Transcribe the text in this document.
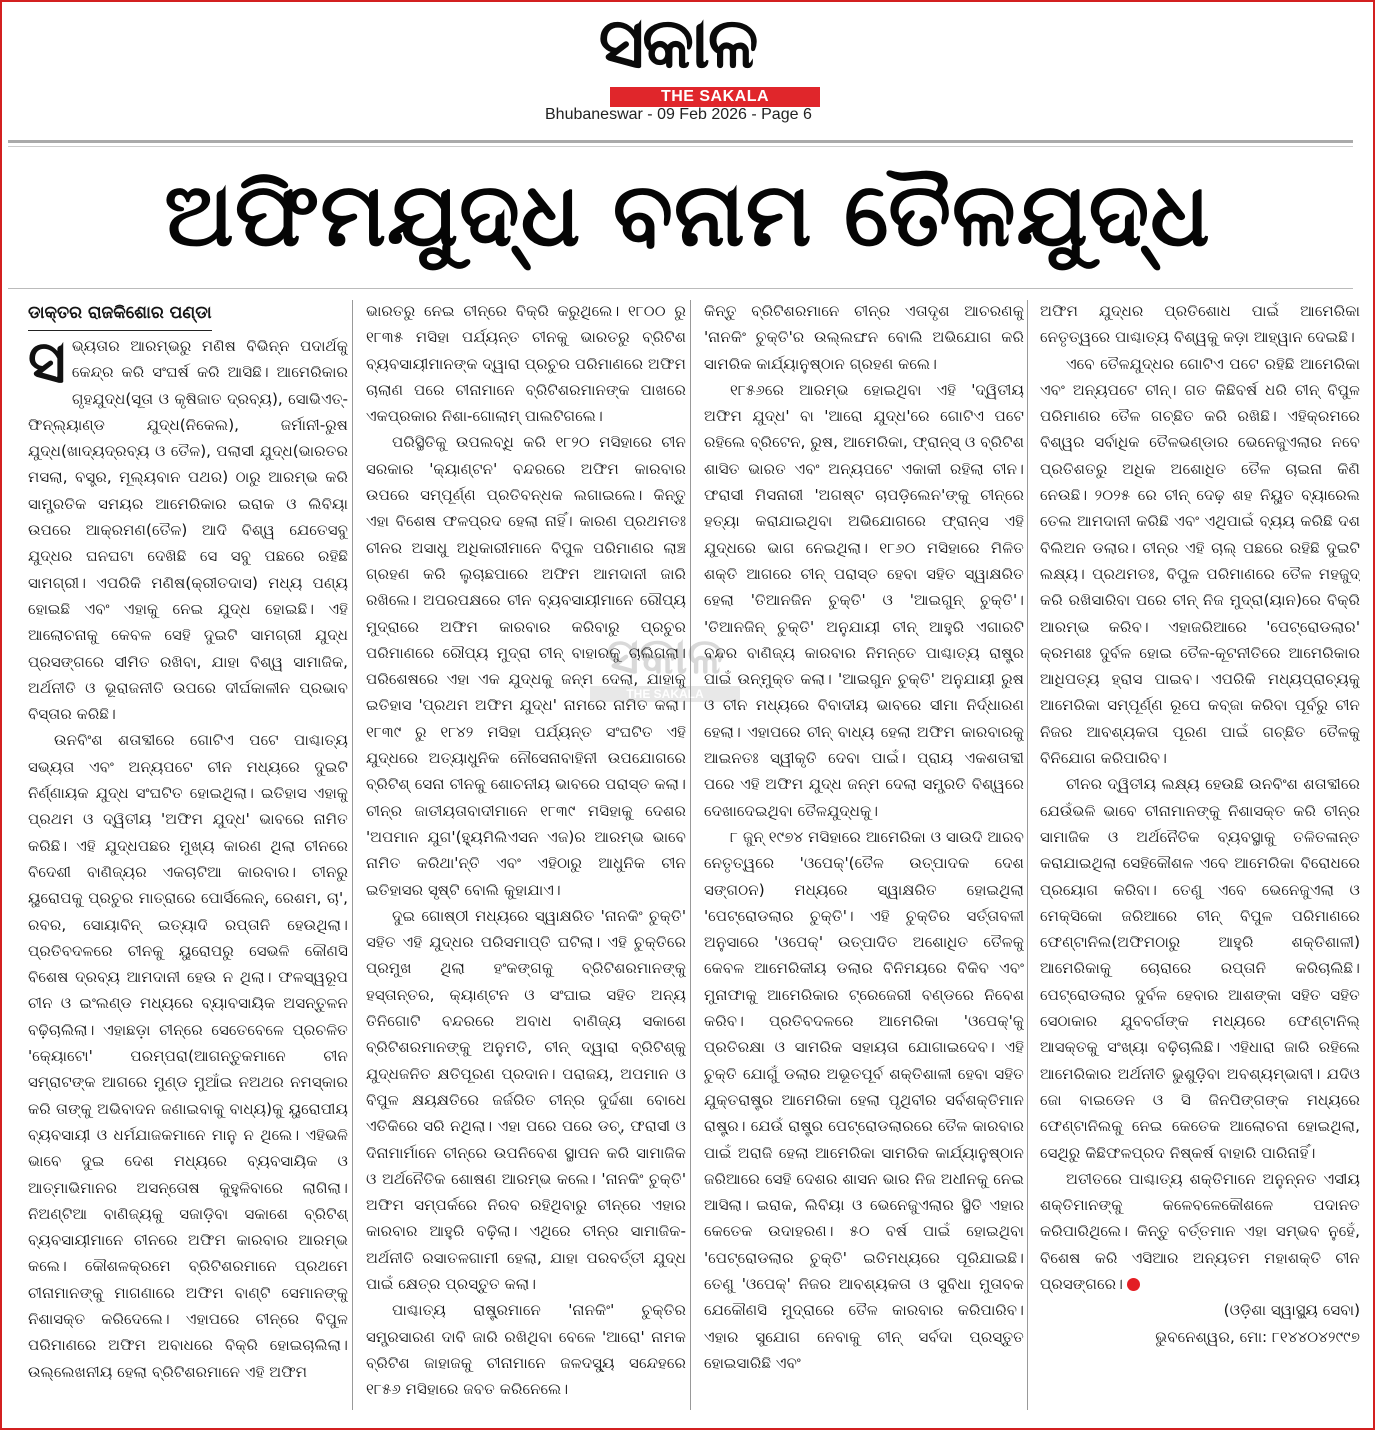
ସକାଳ
THE SAKALA
Bhubaneswar - 09 Feb 2026 - Page 6
ଅଫିମଯୁଦ୍ଧ ବନାମ ତୈଳଯୁଦ୍ଧ
ଡାକ୍ତର ରାଜକିଶୋର ପଣ୍ଡା

ସଭ୍ୟତାର ଆରମ୍ଭରୁ ମଣିଷ ବିଭିନ୍ନ ପଦାର୍ଥକୁ କେନ୍ଦ୍ର କରି ସଂଘର୍ଷ କରି ଆସିଛି। ଆମେରିକାର ଗୃହଯୁଦ୍ଧ(ସୂତା ଓ କୃଷିଜାତ ଦ୍ରବ୍ୟ), ସୋଭିଏତ୍-ଫିନ୍‌ଲ୍ୟାଣ୍ଡ ଯୁଦ୍ଧ(ନିକେଲ), ଜର୍ମାନୀ-ରୁଷ ଯୁଦ୍ଧ(ଖାଦ୍ୟଦ୍ରବ୍ୟ ଓ ତୈଳ), ପଲାସୀ ଯୁଦ୍ଧ(ଭାରତର ମସଲା, ବସ୍ତ୍ର, ମୂଲ୍ୟବାନ ପଥର) ଠାରୁ ଆରମ୍ଭ କରି ସାମ୍ପ୍ରତିକ ସମୟର ଆମେରିକାର ଇରାକ ଓ ଲିବିୟା ଉପରେ ଆକ୍ରମଣ(ତୈଳ) ଆଦି ବିଶ୍ୱ ଯେତେସବୁ ଯୁଦ୍ଧର ଘନଘଟା ଦେଖିଛି ସେ ସବୁ ପଛରେ ରହିଛି ସାମଗ୍ରୀ। ଏପରିକି ମଣିଷ(କ୍ରୀତଦାସ) ମଧ୍ୟ ପଣ୍ୟ ହୋଇଛି ଏବଂ ଏହାକୁ ନେଇ ଯୁଦ୍ଧ ହୋଇଛି। ଏହି ଆଲୋଚନାକୁ କେବଳ ସେହି ଦୁଇଟି ସାମଗ୍ରୀ ଯୁଦ୍ଧ ପ୍ରସଙ୍ଗରେ ସୀମିତ ରଖିବା, ଯାହା ବିଶ୍ୱ ସାମାଜିକ, ଅର୍ଥନୀତି ଓ ଭୂରାଜନୀତି ଉପରେ ଦୀର୍ଘକାଳୀନ ପ୍ରଭାବ ବିସ୍ତାର କରିଛି।

ଉନବିଂଶ ଶତାବ୍ଦୀରେ ଗୋଟିଏ ପଟେ ପାଶ୍ଚାତ୍ୟ ସଭ୍ୟତା ଏବଂ ଅନ୍ୟପଟେ ଚୀନ ମଧ୍ୟରେ ଦୁଇଟି ନିର୍ଣ୍ଣାୟକ ଯୁଦ୍ଧ ସଂଘଟିତ ହୋଇଥିଲା। ଇତିହାସ ଏହାକୁ ପ୍ରଥମ ଓ ଦ୍ୱିତୀୟ 'ଅଫିମ ଯୁଦ୍ଧ' ଭାବରେ ନାମିତ କରିଛି। ଏହି ଯୁଦ୍ଧପଛର ମୁଖ୍ୟ କାରଣ ଥିଲା ଚୀନରେ ବିଦେଶୀ ବାଣିଜ୍ୟର ଏକଚାଟିଆ କାରବାର। ଚୀନରୁ ୟୁରୋପକୁ ପ୍ରଚୁର ମାତ୍ରାରେ ପୋର୍ସିଲେନ୍, ରେଶମ, ଚା', ରବର, ସୋୟାବିନ୍ ଇତ୍ୟାଦି ରପ୍ତାନି ହେଉଥିଲା। ପ୍ରତିବଦଳରେ ଚୀନକୁ ୟୁରୋପରୁ ସେଭଳି କୌଣସି ବିଶେଷ ଦ୍ରବ୍ୟ ଆମଦାନୀ ହେଉ ନ ଥିଲା। ଫଳସ୍ୱରୂପ ଚୀନ ଓ ଇଂଲଣ୍ଡ ମଧ୍ୟରେ ବ୍ୟାବସାୟିକ ଅସନ୍ତୁଳନ ବଢ଼ିଚାଲିଲା। ଏହାଛଡ଼ା ଚୀନ୍‌ରେ ସେତେବେଳେ ପ୍ରଚଳିତ 'କ୍ୟୋଟୋ' ପରମ୍ପରା(ଆଗନ୍ତୁକମାନେ ଚୀନ ସମ୍ରାଟଙ୍କ ଆଗରେ ମୁଣ୍ଡ ମୁଆଁଇ ନଅଥର ନମସ୍କାର କରି ତାଙ୍କୁ ଅଭିବାଦନ ଜଣାଇବାକୁ ବାଧ୍ୟ)କୁ ୟୁରୋପୀୟ ବ୍ୟବସାୟୀ ଓ ଧର୍ମଯାଜକମାନେ ମାନୁ ନ ଥିଲେ। ଏହିଭଳି ଭାବେ ଦୁଇ ଦେଶ ମଧ୍ୟରେ ବ୍ୟବସାୟିକ ଓ ଆତ୍ମାଭିମାନର ଅସନ୍ତୋଷ କୁହୁଳିବାରେ ଲାଗିଲା। ନିଅଣ୍ଟିଆ ବାଣିଜ୍ୟକୁ ସଜାଡ଼ିବା ସକାଶେ ବ୍ରିଟିଶ୍ ବ୍ୟବସାୟୀମାନେ ଚୀନରେ ଅଫିମ କାରବାର ଆରମ୍ଭ କଲେ। କୌଶଳକ୍ରମେ ବ୍ରିଟିଶରମାନେ ପ୍ରଥମେ ଚୀନାମାନଙ୍କୁ ମାଗଣାରେ ଅଫିମ ବାଣ୍ଟି ସେମାନଙ୍କୁ ନିଶାସକ୍ତ କରିଦେଲେ। ଏହାପରେ ଚୀନ୍‌ରେ ବିପୁଳ ପରିମାଣରେ ଅଫିମ ଅବାଧରେ ବିକ୍ରି ହୋଇଚାଲିଲା। ଉଲ୍ଲେଖନୀୟ ହେଲା ବ୍ରିଟିଶରମାନେ ଏହି ଅଫିମ

ଭାରତରୁ ନେଇ ଚୀନ୍‌ରେ ବିକ୍ରି କରୁଥିଲେ। ୧୮୦୦ ରୁ ୧୮୩୫ ମସିହା ପର୍ଯ୍ୟନ୍ତ ଚୀନକୁ ଭାରତରୁ ବ୍ରିଟିଶ ବ୍ୟବସାୟୀମାନଙ୍କ ଦ୍ୱାରା ପ୍ରଚୁର ପରିମାଣରେ ଅଫିମ ଚାଲାଣ ପରେ ଚୀନାମାନେ ବ୍ରିଟିଶରମାନଙ୍କ ପାଖରେ ଏକପ୍ରକାର ନିଶା-ଗୋଲାମ୍ ପାଲଟିଗଲେ।

ପରିସ୍ଥିତିକୁ ଉପଲବ୍ଧି କରି ୧୮୨୦ ମସିହାରେ ଚୀନ ସରକାର 'କ୍ୟାଣ୍ଟନ' ବନ୍ଦରରେ ଅଫିମ କାରବାର ଉପରେ ସମ୍ପୂର୍ଣ୍ଣ ପ୍ରତିବନ୍ଧକ ଲଗାଇଲେ। କିନ୍ତୁ ଏହା ବିଶେଷ ଫଳପ୍ରଦ ହେଲା ନାହିଁ। କାରଣ ପ୍ରଥମତଃ ଚୀନର ଅସାଧୁ ଅଧିକାରୀମାନେ ବିପୁଳ ପରିମାଣର ଲାଞ୍ଚ ଗ୍ରହଣ କରି ଲୁଚାଛପାରେ ଅଫିମ ଆମଦାନୀ ଜାରି ରଖିଲେ। ଅପରପକ୍ଷରେ ଚୀନ ବ୍ୟବସାୟୀମାନେ ରୌପ୍ୟ ମୁଦ୍ରାରେ ଅଫିମ କାରବାର କରିବାରୁ ପ୍ରଚୁର ପରିମାଣରେ ରୌପ୍ୟ ମୁଦ୍ରା ଚୀନ୍ ବାହାରକୁ ଚାଲିଗଲା। ପରିଶେଷରେ ଏହା ଏକ ଯୁଦ୍ଧକୁ ଜନ୍ମ ଦେଲା, ଯାହାକୁ ଇତିହାସ 'ପ୍ରଥମ ଅଫିମ ଯୁଦ୍ଧ' ନାମରେ ନାମିତ କଲା। ୧୮୩୯ ରୁ ୧୮୪୨ ମସିହା ପର୍ଯ୍ୟନ୍ତ ସଂଘଟିତ ଏହି ଯୁଦ୍ଧରେ ଅତ୍ୟାଧୁନିକ ନୌସେନାବାହିନୀ ଉପଯୋଗରେ ବ୍ରିଟିଶ୍ ସେନା ଚୀନକୁ ଶୋଚନୀୟ ଭାବରେ ପରାସ୍ତ କଲା। ଚୀନ୍‌ର ଜାତୀୟତାବାଦୀମାନେ ୧୮୩୯ ମସିହାକୁ ଦେଶର 'ଅପମାନ ଯୁଗ'(ହ୍ୟୁମିଲିଏସନ ଏଜ)ର ଆରମ୍ଭ ଭାବେ ନାମିତ କରିଥା'ନ୍ତି ଏବଂ ଏହିଠାରୁ ଆଧୁନିକ ଚୀନ ଇତିହାସର ସୃଷ୍ଟି ବୋଲି କୁହାଯାଏ।

ଦୁଇ ଗୋଷ୍ଠୀ ମଧ୍ୟରେ ସ୍ୱାକ୍ଷରିତ 'ନାନକିଂ ଚୁକ୍ତି' ସହିତ ଏହି ଯୁଦ୍ଧର ପରିସମାପ୍ତି ଘଟିଲା। ଏହି ଚୁକ୍ତିରେ ପ୍ରମୁଖ ଥିଲା ହଂକଙ୍ଗକୁ ବ୍ରିଟିଶରମାନଙ୍କୁ ହସ୍ତାନ୍ତର, କ୍ୟାଣ୍ଟନ ଓ ସଂଘାଇ ସହିତ ଅନ୍ୟ ତିନିଗୋଟି ବନ୍ଦରରେ ଅବାଧ ବାଣିଜ୍ୟ ସକାଶେ ବ୍ରିଟିଶରମାନଙ୍କୁ ଅନୁମତି, ଚୀନ୍ ଦ୍ୱାରା ବ୍ରିଟିଶ୍‌କୁ ଯୁଦ୍ଧଜନିତ କ୍ଷତିପୂରଣ ପ୍ରଦାନ। ପରାଜୟ, ଅପମାନ ଓ ବିପୁଳ କ୍ଷୟକ୍ଷତିରେ ଜର୍ଜରିତ ଚୀନ୍‌ର ଦୁର୍ଦ୍ଦଶା ବୋଧେ ଏତିକିରେ ସରି ନଥିଲା। ଏହା ପରେ ପରେ ଡଚ୍, ଫରାସୀ ଓ ଦିନାମାର୍ମାନେ ଚୀନ୍‌ରେ ଉପନିବେଶ ସ୍ଥାପନ କରି ସାମାଜିକ ଓ ଅର୍ଥନୈତିକ ଶୋଷଣ ଆରମ୍ଭ କଲେ। 'ନାନକିଂ ଚୁକ୍ତି' ଅଫିମ ସମ୍ପର୍କରେ ନିରବ ରହିଥିବାରୁ ଚୀନ୍‌ରେ ଏହାର କାରବାର ଆହୁରି ବଢ଼ିଲା। ଏଥିରେ ଚୀନ୍‌ର ସାମାଜିକ-ଅର୍ଥନୀତି ରସାତଳଗାମୀ ହେଲା, ଯାହା ପରବର୍ତ୍ତୀ ଯୁଦ୍ଧ ପାଇଁ କ୍ଷେତ୍ର ପ୍ରସ୍ତୁତ କଲା।

ପାଶ୍ଚାତ୍ୟ ରାଷ୍ଟ୍ରମାନେ 'ନାନକିଂ' ଚୁକ୍ତିର ସମ୍ପ୍ରସାରଣ ଦାବି ଜାରି ରଖିଥିବା ବେଳେ 'ଆରୋ' ନାମକ ବ୍ରିଟିଶ ଜାହାଜକୁ ଚୀନାମାନେ ଜଳଦସ୍ୟୁ ସନ୍ଦେହରେ ୧୮୫୬ ମସିହାରେ ଜବତ କରିନେଲେ।

ସକାଳ
THE SAKALA

କିନ୍ତୁ ବ୍ରିଟିଶରମାନେ ଚୀନ୍‌ର ଏତାଦୃଶ ଆଚରଣକୁ 'ନାନକିଂ ଚୁକ୍ତି'ର ଉଲ୍ଲଙ୍ଘନ ବୋଲି ଅଭିଯୋଗ କରି ସାମରିକ କାର୍ଯ୍ୟାନୁଷ୍ଠାନ ଗ୍ରହଣ କଲେ।

୧୮୫୬ରେ ଆରମ୍ଭ ହୋଇଥିବା ଏହି 'ଦ୍ୱିତୀୟ ଅଫିମ ଯୁଦ୍ଧ' ବା 'ଆରୋ ଯୁଦ୍ଧ'ରେ ଗୋଟିଏ ପଟେ ରହିଲେ ବ୍ରିଟେନ, ରୁଷ, ଆମେରିକା, ଫ୍ରାନ୍ସ୍ ଓ ବ୍ରିଟିଶ ଶାସିତ ଭାରତ ଏବଂ ଅନ୍ୟପଟେ ଏକାକୀ ରହିଲା ଚୀନ। ଫରାସୀ ମିସନାରୀ 'ଅଗଷ୍ଟ ଚାପଡ଼ିଲେନ'ଙ୍କୁ ଚୀନ୍‌ରେ ହତ୍ୟା କରାଯାଇଥିବା ଅଭିଯୋଗରେ ଫ୍ରାନ୍ସ ଏହି ଯୁଦ୍ଧରେ ଭାଗ ନେଇଥିଲା। ୧୮୬୦ ମସିହାରେ ମିଳିତ ଶକ୍ତି ଆଗରେ ଚୀନ୍ ପରାସ୍ତ ହେବା ସହିତ ସ୍ୱାକ୍ଷରିତ ହେଲା 'ତିଆନଜିନ ଚୁକ୍ତି' ଓ 'ଆଇଗୁନ୍ ଚୁକ୍ତି'। 'ତିଆନଜିନ୍ ଚୁକ୍ତି' ଅନୁଯାୟୀ ଚୀନ୍ ଆହୁରି ଏଗାରଟି ବନ୍ଦର ବାଣିଜ୍ୟ କାରବାର ନିମନ୍ତେ ପାଶ୍ଚାତ୍ୟ ରାଷ୍ଟ୍ର ପାଇଁ ଉନ୍ମୁକ୍ତ କଲା। 'ଆଇଗୁନ ଚୁକ୍ତି' ଅନୁଯାୟୀ ରୁଷ ଓ ଚୀନ ମଧ୍ୟରେ ବିବାଦୀୟ ଭାବରେ ସୀମା ନିର୍ଦ୍ଧାରଣ ହେଲା। ଏହାପରେ ଚୀନ୍ ବାଧ୍ୟ ହେଲା ଅଫିମ କାରବାରକୁ ଆଇନତଃ ସ୍ୱୀକୃତି ଦେବା ପାଇଁ। ପ୍ରାୟ ଏକଶତାବ୍ଦୀ ପରେ ଏହି ଅଫିମ ଯୁଦ୍ଧ ଜନ୍ମ ଦେଲା ସମ୍ପ୍ରତି ବିଶ୍ୱରେ ଦେଖାଦେଇଥିବା ତୈଳଯୁଦ୍ଧକୁ।

୮ ଜୁନ୍ ୧୯୭୪ ମସିହାରେ ଆମେରିକା ଓ ସାଉଦି ଆରବ ନେତୃତ୍ୱରେ 'ଓପେକ୍'(ତୈଳ ଉତ୍ପାଦକ ଦେଶ ସଙ୍ଗଠନ) ମଧ୍ୟରେ ସ୍ୱାକ୍ଷରିତ ହୋଇଥିଲା 'ପେଟ୍ରୋଡଲାର ଚୁକ୍ତି'। ଏହି ଚୁକ୍ତିର ସର୍ତ୍ତାବଳୀ ଅନୁସାରେ 'ଓପେକ୍' ଉତ୍ପାଦିତ ଅଶୋଧିତ ତୈଳକୁ କେବଳ ଆମେରିକୀୟ ଡଲାର ବିନିମୟରେ ବିକିବ ଏବଂ ମୁନାଫାକୁ ଆମେରିକାର ଟ୍ରେଜେରୀ ବଣ୍ଡରେ ନିବେଶ କରିବ। ପ୍ରତିବଦଳରେ ଆମେରିକା 'ଓପେକ୍'କୁ ପ୍ରତିରକ୍ଷା ଓ ସାମରିକ ସହାୟତା ଯୋଗାଇଦେବ। ଏହି ଚୁକ୍ତି ଯୋଗୁଁ ଡଲାର ଅଭୂତପୂର୍ବ ଶକ୍ତିଶାଳୀ ହେବା ସହିତ ଯୁକ୍ତରାଷ୍ଟ୍ର ଆମେରିକା ହେଲା ପୃଥିବୀର ସର୍ବଶକ୍ତିମାନ ରାଷ୍ଟ୍ର। ଯେଉଁ ରାଷ୍ଟ୍ର ପେଟ୍ରୋଡଲାରରେ ତୈଳ କାରବାର ପାଇଁ ଅରାଜି ହେଲା ଆମେରିକା ସାମରିକ କାର୍ଯ୍ୟାନୁଷ୍ଠାନ ଜରିଆରେ ସେହି ଦେଶର ଶାସନ ଭାର ନିଜ ଅଧୀନକୁ ନେଇ ଆସିଲା। ଇରାକ, ଲିବିୟା ଓ ଭେନେଜୁଏଲାର ସ୍ଥିତି ଏହାର କେତେକ ଉଦାହରଣ। ୫୦ ବର୍ଷ ପାଇଁ ହୋଇଥିବା 'ପେଟ୍ରୋଡଲାର ଚୁକ୍ତି' ଇତିମଧ୍ୟରେ ପୂରିଯାଇଛି। ତେଣୁ 'ଓପେକ୍' ନିଜର ଆବଶ୍ୟକତା ଓ ସୁବିଧା ମୁତାବକ ଯେକୌଣସି ମୁଦ୍ରାରେ ତୈଳ କାରବାର କରିପାରିବ। ଏହାର ସୁଯୋଗ ନେବାକୁ ଚୀନ୍ ସର୍ବଦା ପ୍ରସ୍ତୁତ ହୋଇସାରିଛି ଏବଂ

ଅଫିମ ଯୁଦ୍ଧର ପ୍ରତିଶୋଧ ପାଇଁ ଆମେରିକା ନେତୃତ୍ୱରେ ପାଶ୍ଚାତ୍ୟ ବିଶ୍ୱକୁ କଡ଼ା ଆହ୍ୱାନ ଦେଇଛି।

ଏବେ ତୈଳଯୁଦ୍ଧର ଗୋଟିଏ ପଟେ ରହିଛି ଆମେରିକା ଏବଂ ଅନ୍ୟପଟେ ଚୀନ୍। ଗତ କିଛିବର୍ଷ ଧରି ଚୀନ୍ ବିପୁଳ ପରିମାଣର ତୈଳ ଗଚ୍ଛିତ କରି ରଖିଛି। ଏହିକ୍ରମରେ ବିଶ୍ୱର ସର୍ବାଧିକ ତୈଳଭଣ୍ଡାର ଭେନେଜୁଏଲାର ନବେ ପ୍ରତିଶତରୁ ଅଧିକ ଅଶୋଧିତ ତୈଳ ଚାଇନା କିଣି ନେଉଛି। ୨୦୨୫ ରେ ଚୀନ୍ ଦେଢ଼ ଶହ ନିୟୁତ ବ୍ୟାରେଲ ତେଲ ଆମଦାନୀ କରିଛି ଏବଂ ଏଥିପାଇଁ ବ୍ୟୟ କରିଛି ଦଶ ବିଲିଅନ ଡଲାର। ଚୀନ୍‌ର ଏହି ଚାଲ୍ ପଛରେ ରହିଛି ଦୁଇଟି ଲକ୍ଷ୍ୟ। ପ୍ରଥମତଃ, ବିପୁଳ ପରିମାଣରେ ତୈଳ ମହଜୁଦ୍ କରି ରଖିସାରିବା ପରେ ଚୀନ୍ ନିଜ ମୁଦ୍ରା(ୟାନ)ରେ ବିକ୍ରି ଆରମ୍ଭ କରିବ। ଏହାଜରିଆରେ 'ପେଟ୍ରୋଡଲାର' କ୍ରମଶଃ ଦୁର୍ବଳ ହୋଇ ତୈଳ-କୂଟନୀତିରେ ଆମେରିକାର ଆଧିପତ୍ୟ ହ୍ରାସ ପାଇବ। ଏପରିକି ମଧ୍ୟପ୍ରାଚ୍ୟକୁ ଆମେରିକା ସମ୍ପୂର୍ଣ୍ଣ ରୂପେ କବ୍‌ଜା କରିବା ପୂର୍ବରୁ ଚୀନ ନିଜର ଆବଶ୍ୟକତା ପୂରଣ ପାଇଁ ଗଚ୍ଛିତ ତୈଳକୁ ବିନିଯୋଗ କରିପାରିବ।

ଚୀନର ଦ୍ୱିତୀୟ ଲକ୍ଷ୍ୟ ହେଉଛି ଉନବିଂଶ ଶତାବ୍ଦୀରେ ଯେଉଁଭଳି ଭାବେ ଚୀନାମାନଙ୍କୁ ନିଶାସକ୍ତ କରି ଚୀନ୍‌ର ସାମାଜିକ ଓ ଅର୍ଥନୈତିକ ବ୍ୟବସ୍ଥାକୁ ତଳିତଳାନ୍ତ କରାଯାଇଥିଲା ସେହିକୌଶଳ ଏବେ ଆମେରିକା ବିରୋଧରେ ପ୍ରୟୋଗ କରିବା। ତେଣୁ ଏବେ ଭେନେଜୁଏଲା ଓ ମେକ୍ସିକୋ ଜରିଆରେ ଚୀନ୍ ବିପୁଳ ପରିମାଣରେ ଫେଣ୍ଟାନିଲ(ଅଫିମଠାରୁ ଆହୁରି ଶକ୍ତିଶାଳୀ) ଆମେରିକାକୁ ଚୋରାରେ ରପ୍ତାନି କରିଚାଲିଛି। ପେଟ୍ରୋଡଲାର ଦୁର୍ବଳ ହେବାର ଆଶଙ୍କା ସହିତ ସହିତ ସେଠାକାର ଯୁବବର୍ଗଙ୍କ ମଧ୍ୟରେ ଫେଣ୍ଟାନିଲ୍ ଆସକ୍ତକୁ ସଂଖ୍ୟା ବଢ଼ିଚାଲିଛି। ଏହିଧାରା ଜାରି ରହିଲେ ଆମେରିକାର ଅର୍ଥନୀତି ଭୁଶୁଡ଼ିବା ଅବଶ୍ୟମ୍ଭାବୀ। ଯଦିଓ ଜୋ ବାଇଡେନ ଓ ସି ଜିନପିଙ୍ଗଙ୍କ ମଧ୍ୟରେ ଫେଣ୍ଟାନିଲକୁ ନେଇ କେତେକ ଆଲୋଚନା ହୋଇଥିଲା, ସେଥିରୁ କିଛିଫଳପ୍ରଦ ନିଷ୍କର୍ଷ ବାହାରି ପାରିନାହିଁ।

ଅତୀତରେ ପାଶ୍ଚାତ୍ୟ ଶକ୍ତିମାନେ ଅନୁନ୍ନତ ଏସୀୟ ଶକ୍ତିମାନଙ୍କୁ କଳେବଳେକୌଶଳେ ପଦାନତ କରିପାରିଥିଲେ। କିନ୍ତୁ ବର୍ତ୍ତମାନ ଏହା ସମ୍ଭବ ନୁହେଁ, ବିଶେଷ କରି ଏସିଆର ଅନ୍ୟତମ ମହାଶକ୍ତି ଚୀନ ପ୍ରସଙ୍ଗରେ।

(ଓଡ଼ିଶା ସ୍ୱାସ୍ଥ୍ୟ ସେବା)

ଭୁବନେଶ୍ୱର, ମୋ: ୮୧୪୪୦୪୨୯୯୭
